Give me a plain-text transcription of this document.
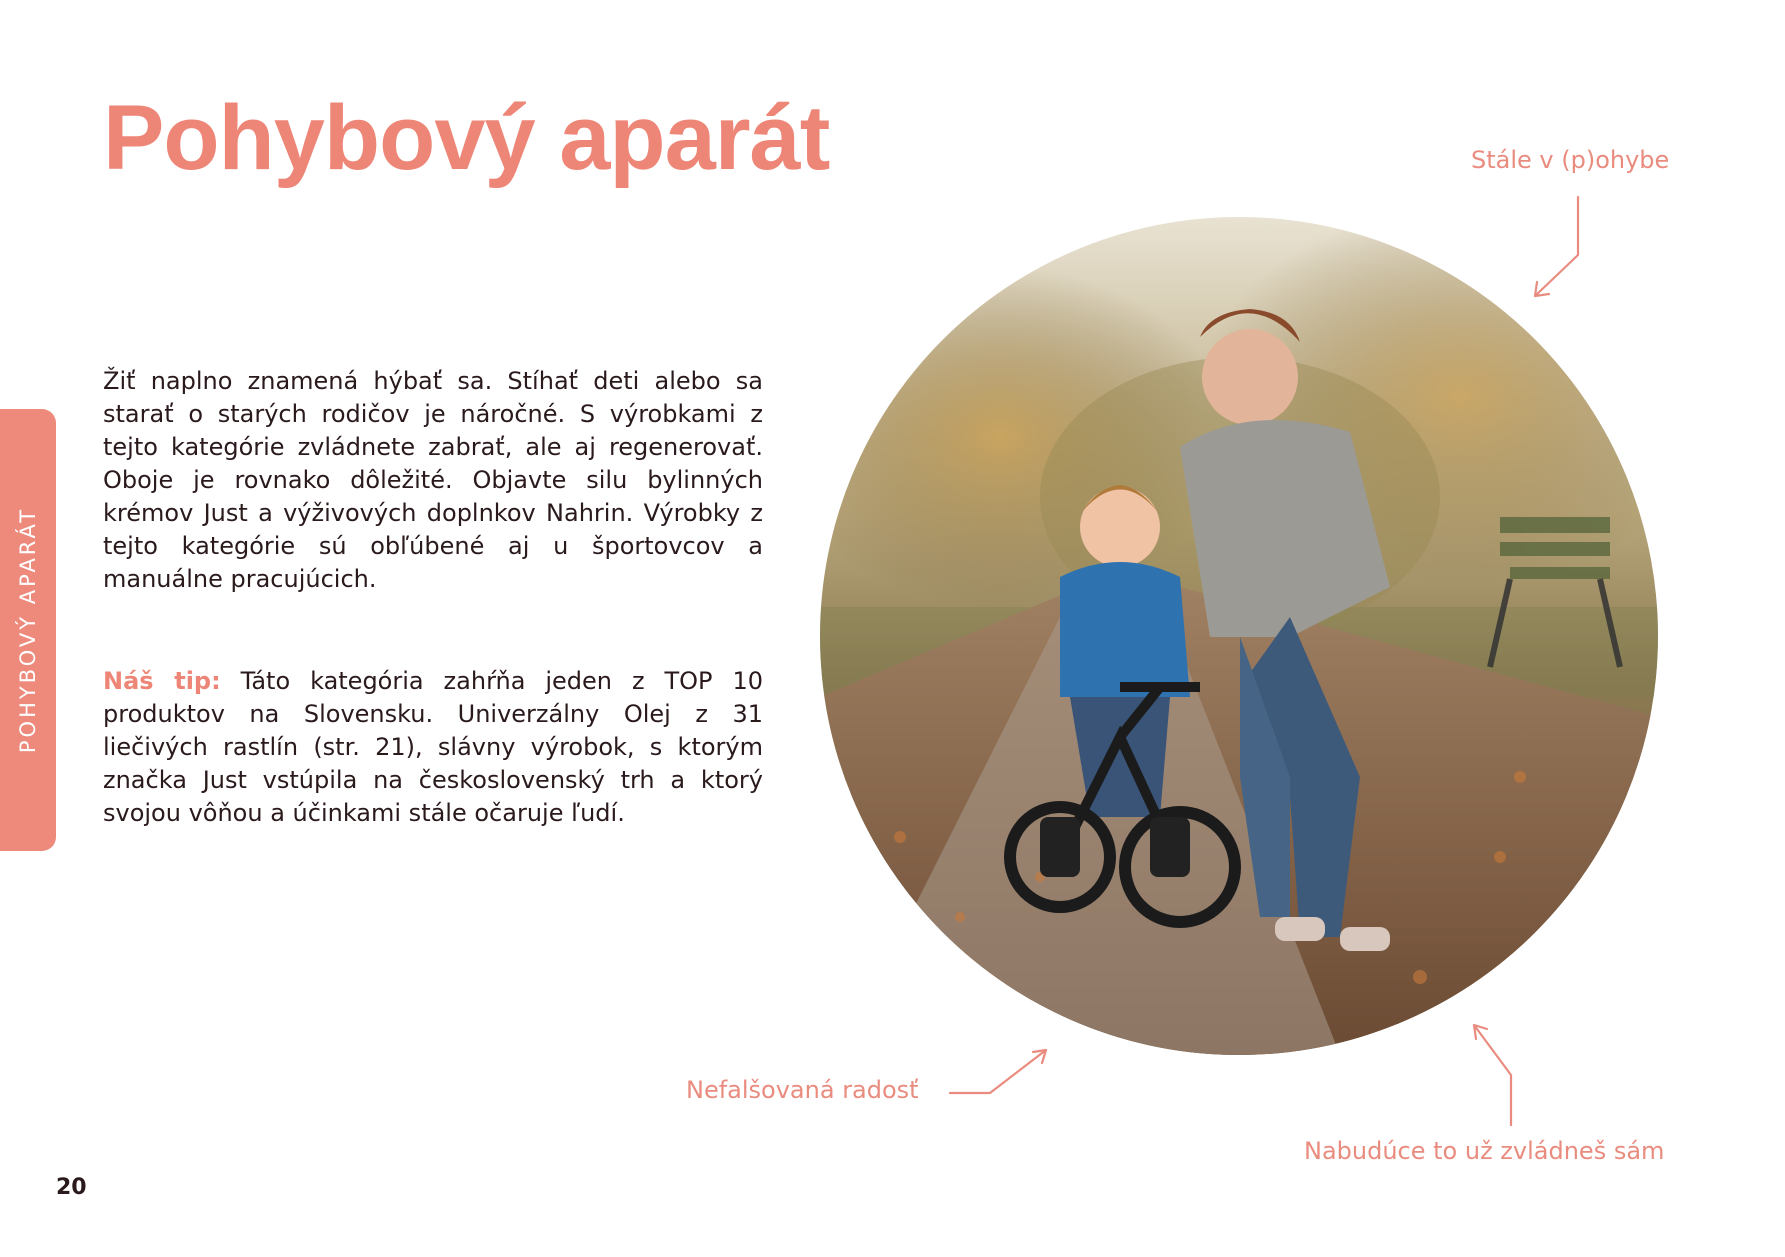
Pohybový aparát
POHYBOVÝ APARÁT

Žiť naplno znamená hýbať sa. Stíhať deti alebo sa starať o starých rodičov je náročné. S výrobkami z tejto kategórie zvládnete zabrať, ale aj regenerovať. Oboje je rovnako dôležité. Objavte silu bylinných krémov Just a výživových doplnkov Nahrin. Výrobky z tejto kategórie sú obľúbené aj u športovcov a manuálne pracujúcich.

Náš tip: Táto kategória zahŕňa jeden z TOP 10 produktov na Slovensku. Univerzálny Olej z 31 liečivých rastlín (str. 21), slávny výrobok, s ktorým značka Just vstúpila na československý trh a ktorý svojou vôňou a účinkami stále očaruje ľudí.

Stále v (p)ohybe

Nefalšovaná radosť

Nabudúce to už zvládneš sám

20
